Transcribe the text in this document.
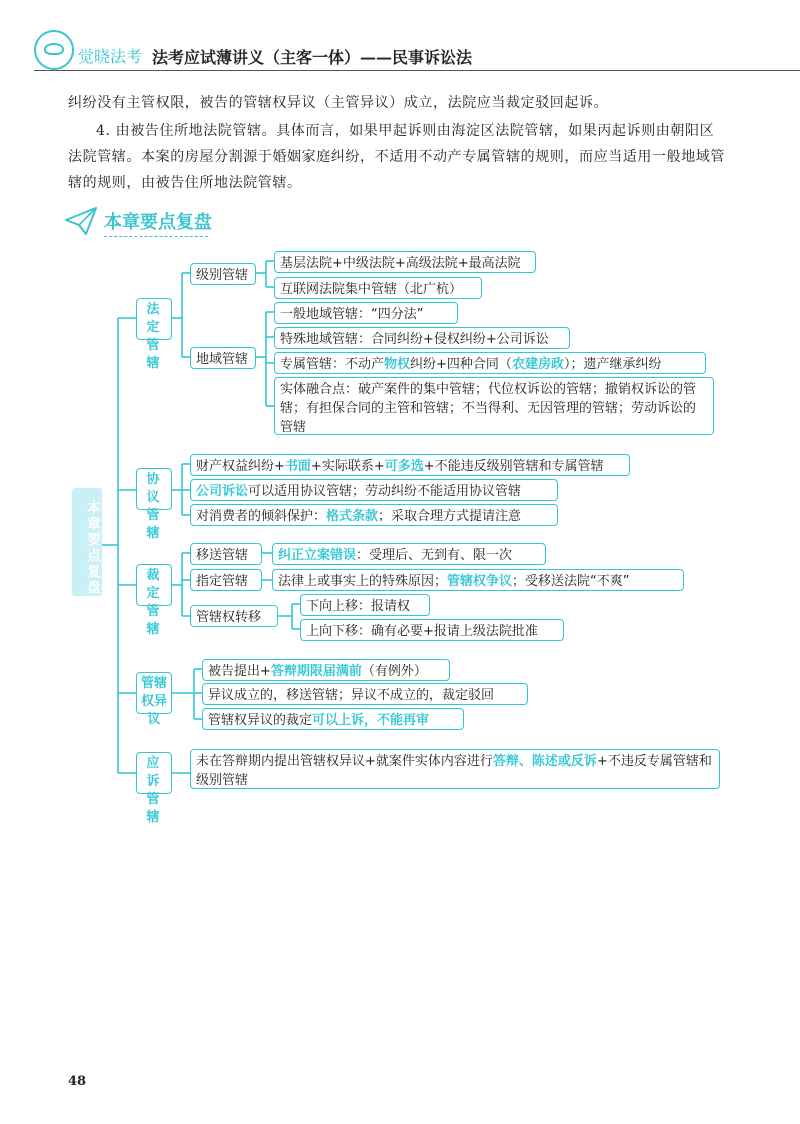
觉晓法考 法考应试薄讲义（主客一体）——民事诉讼法
纠纷没有主管权限，被告的管辖权异议（主管异议）成立，法院应当裁定驳回起诉。
4. 由被告住所地法院管辖。具体而言，如果甲起诉则由海淀区法院管辖，如果丙起诉则由朝阳区法院管辖。本案的房屋分割源于婚姻家庭纠纷，不适用不动产专属管辖的规则，而应当适用一般地域管辖的规则，由被告住所地法院管辖。
本章要点复盘
本章要点复盘
法定管辖
协议管辖
裁定管辖
管辖权异议
应诉管辖
级别管辖
地域管辖
基层法院+中级法院+高级法院+最高法院
互联网法院集中管辖（北广杭）
一般地域管辖：“四分法”
特殊地域管辖：合同纠纷+侵权纠纷+公司诉讼
专属管辖：不动产物权纠纷+四种合同（农建房政）；遗产继承纠纷
实体融合点：破产案件的集中管辖；代位权诉讼的管辖；撤销权诉讼的管辖；有担保合同的主管和管辖；不当得利、无因管理的管辖；劳动诉讼的管辖
财产权益纠纷+书面+实际联系+可多选+不能违反级别管辖和专属管辖
公司诉讼可以适用协议管辖；劳动纠纷不能适用协议管辖
对消费者的倾斜保护：格式条款；采取合理方式提请注意
移送管辖
指定管辖
管辖权转移
纠正立案错误：受理后、无到有、限一次
法律上或事实上的特殊原因；管辖权争议；受移送法院“不爽”
下向上移：报请权
上向下移：确有必要+报请上级法院批准
被告提出+答辩期限届满前（有例外）
异议成立的，移送管辖；异议不成立的，裁定驳回
管辖权异议的裁定可以上诉，不能再审
未在答辩期内提出管辖权异议+就案件实体内容进行答辩、陈述或反诉+不违反专属管辖和级别管辖
48
